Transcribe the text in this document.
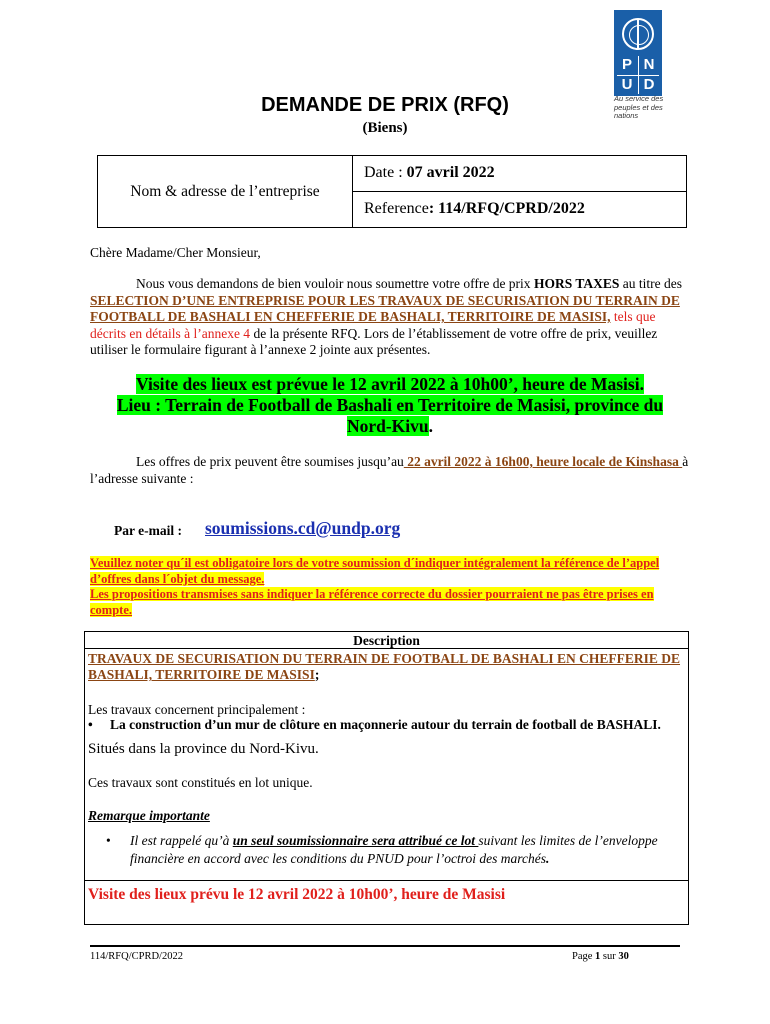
P N
U D
Au service des peuples et des nations
DEMANDE DE PRIX (RFQ)
(Biens)
Nom & adresse de l’entreprise
Date : 07 avril 2022
Reference: 114/RFQ/CPRD/2022
Chère Madame/Cher Monsieur,
Nous vous demandons de bien vouloir nous soumettre votre offre de prix HORS TAXES au titre des SELECTION D’UNE ENTREPRISE POUR LES TRAVAUX DE SECURISATION DU TERRAIN DE FOOTBALL DE BASHALI EN CHEFFERIE DE BASHALI, TERRITOIRE DE MASISI, tels que décrits en détails à l’annexe 4 de la présente RFQ. Lors de l’établissement de votre offre de prix, veuillez utiliser le formulaire figurant à l’annexe 2 jointe aux présentes.
Visite des lieux est prévue le 12 avril 2022 à 10h00’, heure de Masisi.
Lieu : Terrain de Football de Bashali en Territoire de Masisi, province du
Nord-Kivu.
Les offres de prix peuvent être soumises jusqu’au 22 avril 2022 à 16h00, heure locale de Kinshasa à l’adresse suivante :
Par e-mail : soumissions.cd@undp.org
Veuillez noter qu´il est obligatoire lors de votre soumission d´indiquer intégralement la référence de l’appel d’offres dans l´objet du message.
Les propositions transmises sans indiquer la référence correcte du dossier pourraient ne pas être prises en compte.
Description
TRAVAUX DE SECURISATION DU TERRAIN DE FOOTBALL DE BASHALI EN CHEFFERIE DE BASHALI, TERRITOIRE DE MASISI;
Les travaux concernent principalement :
• La construction d’un mur de clôture en maçonnerie autour du terrain de football de BASHALI.
Situés dans la province du Nord-Kivu.
Ces travaux sont constitués en lot unique.
Remarque importante
•	Il est rappelé qu’à un seul soumissionnaire sera attribué ce lot suivant les limites de l’enveloppe financière en accord avec les conditions du PNUD pour l’octroi des marchés.
Visite des lieux prévu le 12 avril 2022 à 10h00’, heure de Masisi
114/RFQ/CPRD/2022	Page 1 sur 30
